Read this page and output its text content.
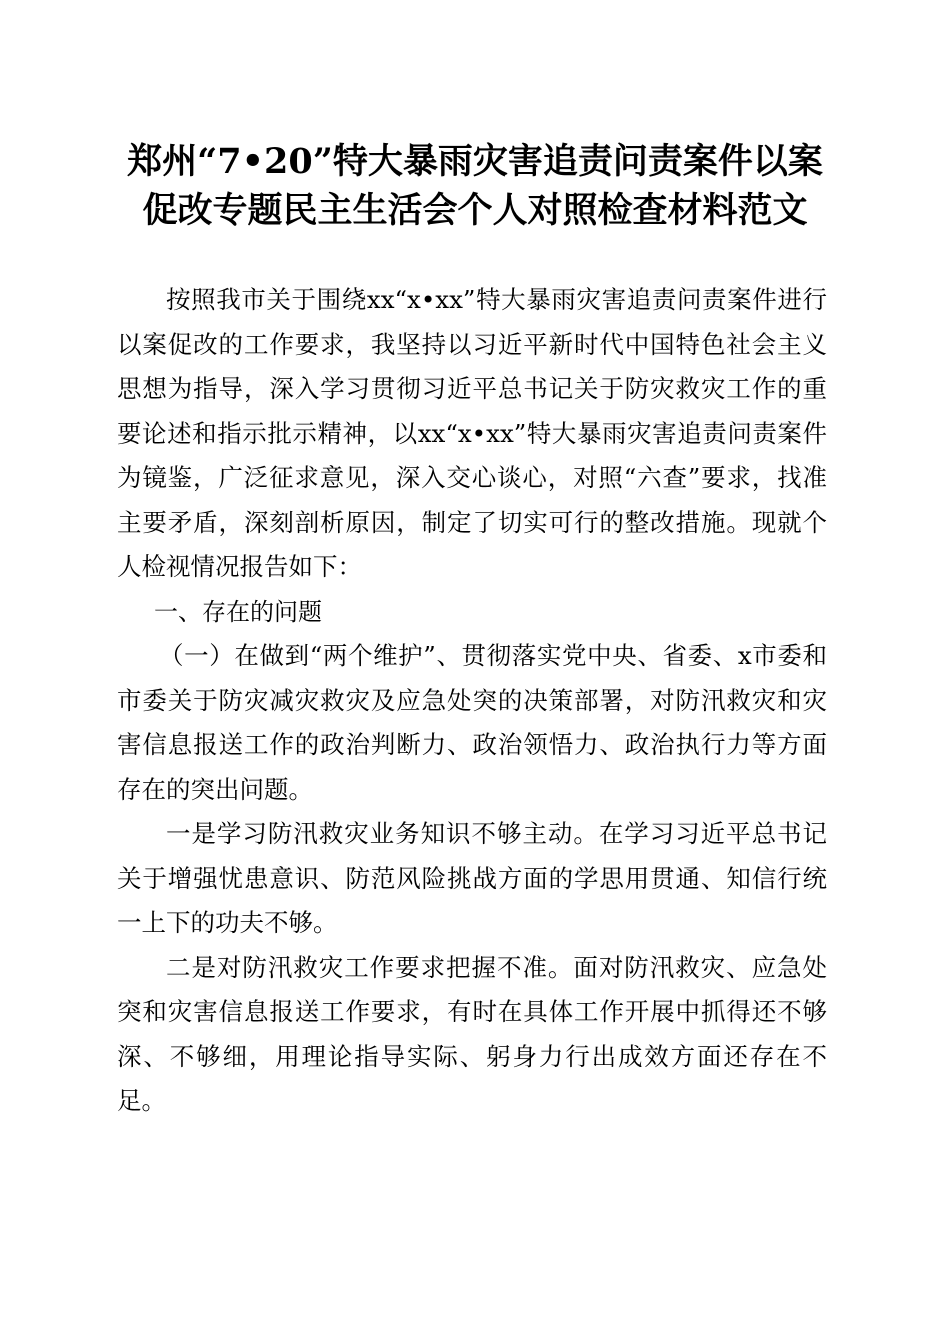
郑州“7•20”特大暴雨灾害追责问责案件以案
促改专题民主生活会个人对照检查材料范文

按照我市关于围绕xx“x•xx”特大暴雨灾害追责问责案件进行以案促改的工作要求，我坚持以习近平新时代中国特色社会主义思想为指导，深入学习贯彻习近平总书记关于防灾救灾工作的重要论述和指示批示精神，以xx“x•xx”特大暴雨灾害追责问责案件为镜鉴，广泛征求意见，深入交心谈心，对照“六查”要求，找准主要矛盾，深刻剖析原因，制定了切实可行的整改措施。现就个人检视情况报告如下：

一、存在的问题

（一）在做到“两个维护”、贯彻落实党中央、省委、x市委和市委关于防灾减灾救灾及应急处突的决策部署，对防汛救灾和灾害信息报送工作的政治判断力、政治领悟力、政治执行力等方面存在的突出问题。

一是学习防汛救灾业务知识不够主动。在学习习近平总书记关于增强忧患意识、防范风险挑战方面的学思用贯通、知信行统一上下的功夫不够。

二是对防汛救灾工作要求把握不准。面对防汛救灾、应急处突和灾害信息报送工作要求，有时在具体工作开展中抓得还不够深、不够细，用理论指导实际、躬身力行出成效方面还存在不足。
